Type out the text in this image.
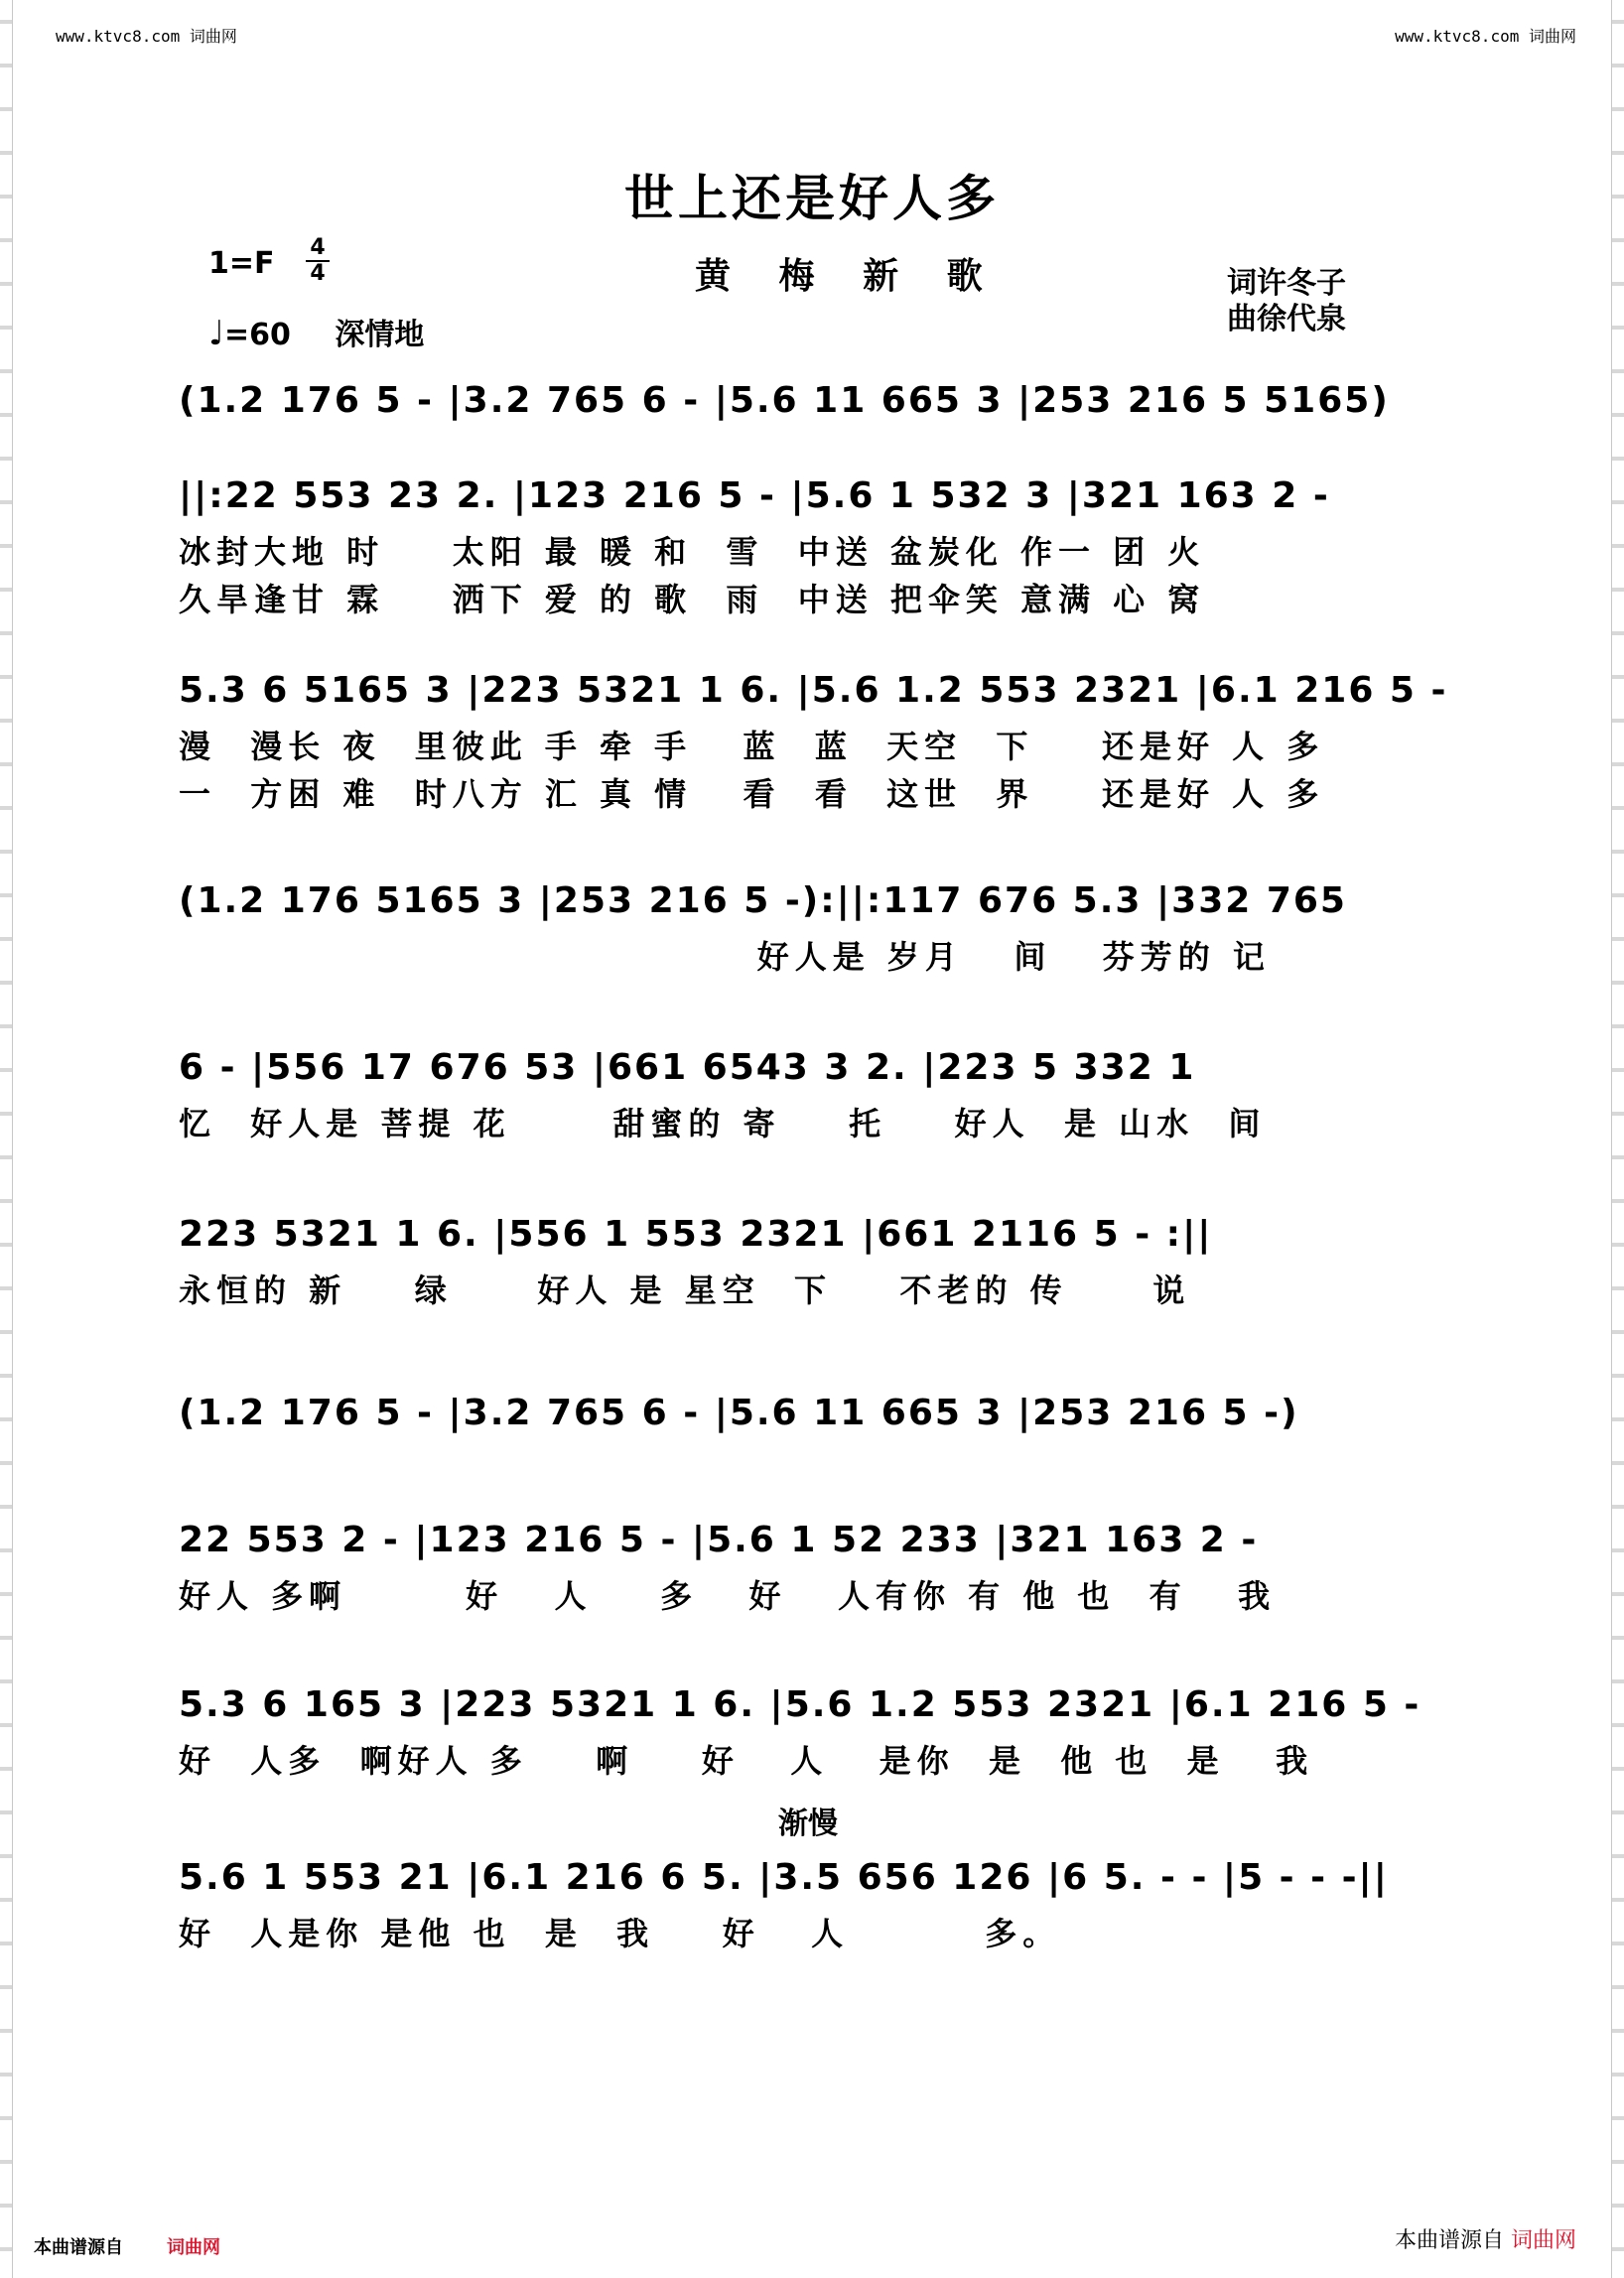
www.ktvc8.com 词曲网	www.ktvc8.com 词曲网
世上还是好人多
$1=F \frac{4}{4}$	黄 梅 新 歌	词许冬子
曲徐代泉
♩=60 深情地
(1.2 176 5 - |3.2 765 6 - |5.6 11 665 3 |253 216 5 5165)
||:22 553 23 2. |123 216 5 - |5.6 1 532 3 |321 163 2 -
冰封大地 时    太阳 最 暖 和  雪  中送 盆炭化 作一 团 火
久旱逢甘 霖    洒下 爱 的 歌  雨  中送 把伞笑 意满 心 窝
5.3 6 5165 3 |223 5321 1 6. |5.6 1.2 553 2321 |6.1 216 5 -
漫  漫长 夜  里彼此 手 牵 手   蓝  蓝  天空  下    还是好 人 多
一  方困 难  时八方 汇 真 情   看  看  这世  界    还是好 人 多
(1.2 176 5165 3 |253 216 5 -):||:117 676 5.3 |332 765
好人是 岁月   间   芬芳的 记
6 - |556 17 676 53 |661 6543 3 2. |223 5 332 1
忆  好人是 菩提 花      甜蜜的 寄    托    好人  是 山水  间
223 5321 1 6. |556 1 553 2321 |661 2116 5 - :||
永恒的 新    绿     好人 是 星空  下    不老的 传     说
(1.2 176 5 - |3.2 765 6 - |5.6 11 665 3 |253 216 5 -)
22 553 2 - |123 216 5 - |5.6 1 52 233 |321 163 2 -
好人 多啊       好   人    多   好   人有你 有 他 也  有   我
5.3 6 165 3 |223 5321 1 6. |5.6 1.2 553 2321 |6.1 216 5 -
好  人多  啊好人 多    啊    好   人   是你  是  他 也  是   我
渐慢
5.6 1 553 21 |6.1 216 6 5. |3.5 656 126 |6 5. - - |5 - - -||
好  人是你 是他 也  是  我    好   人        多。
本曲谱源自 词曲网	本曲谱源自 词曲网
